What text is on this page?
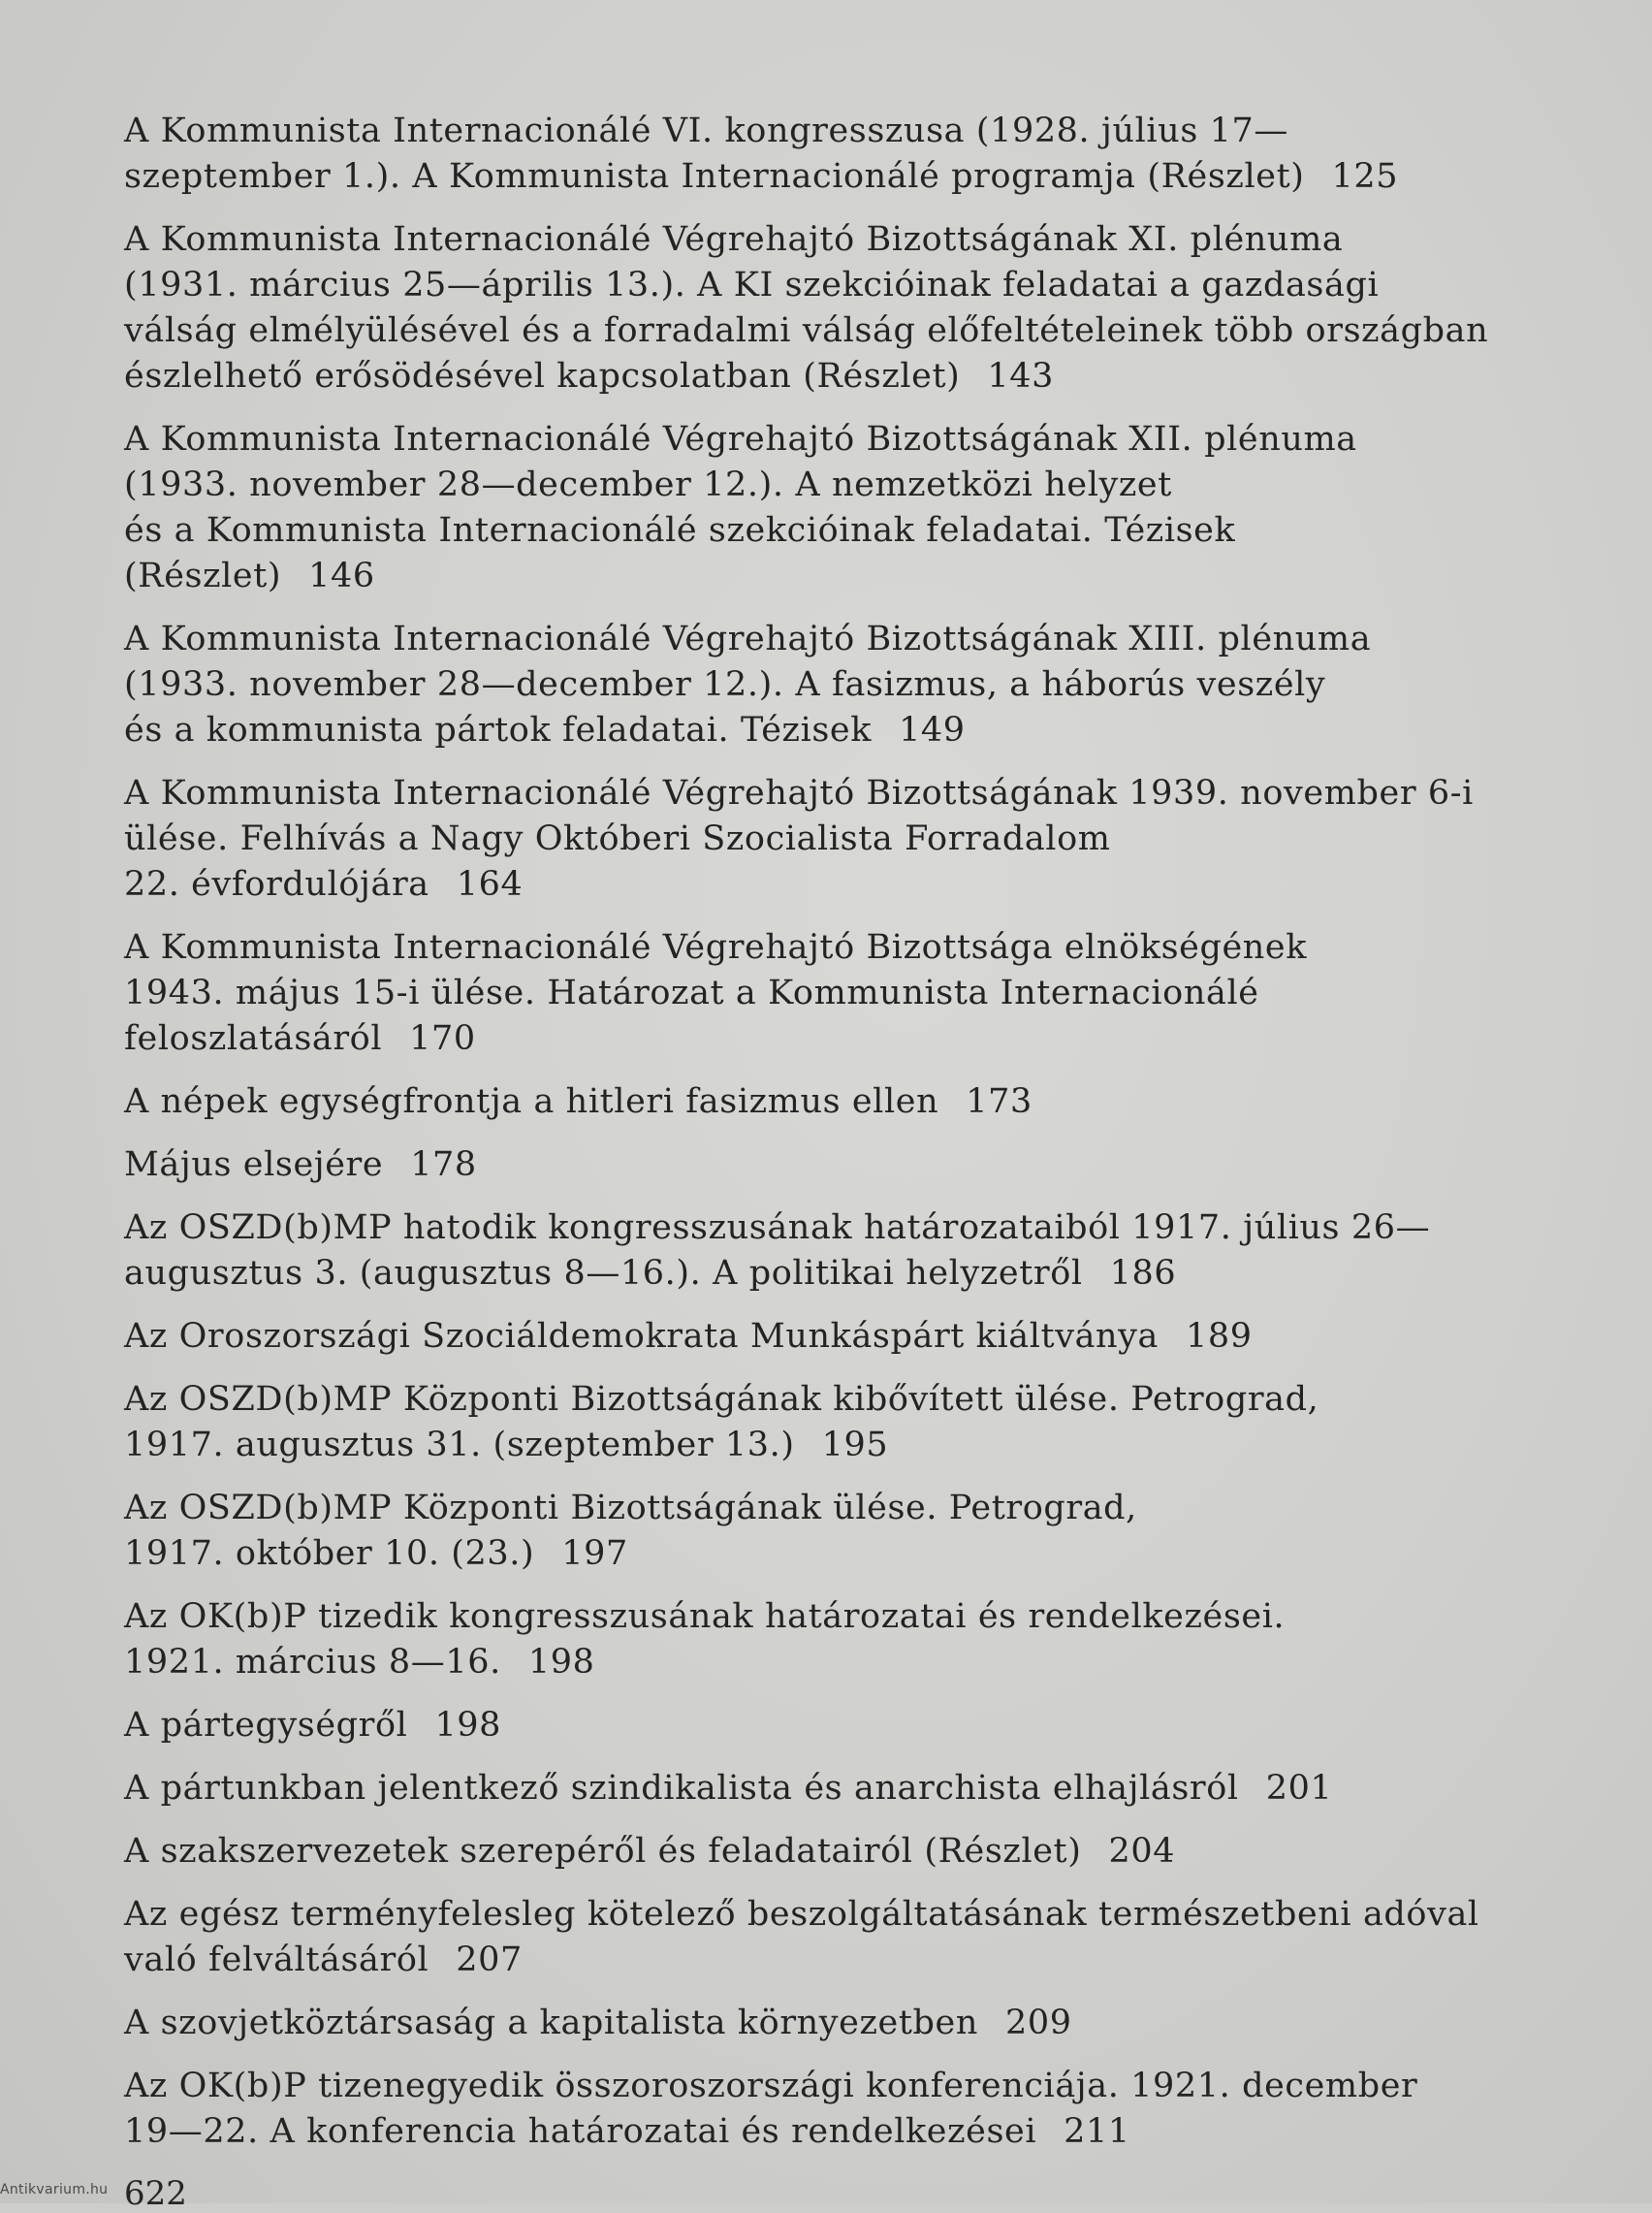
A Kommunista Internacionálé VI. kongresszusa (1928. július 17—
szeptember 1.). A Kommunista Internacionálé programja (Részlet) 125
A Kommunista Internacionálé Végrehajtó Bizottságának XI. plénuma
(1931. március 25—április 13.). A KI szekcióinak feladatai a gazdasági
válság elmélyülésével és a forradalmi válság előfeltételeinek több országban
észlelhető erősödésével kapcsolatban (Részlet) 143
A Kommunista Internacionálé Végrehajtó Bizottságának XII. plénuma
(1933. november 28—december 12.). A nemzetközi helyzet
és a Kommunista Internacionálé szekcióinak feladatai. Tézisek
(Részlet) 146
A Kommunista Internacionálé Végrehajtó Bizottságának XIII. plénuma
(1933. november 28—december 12.). A fasizmus, a háborús veszély
és a kommunista pártok feladatai. Tézisek 149
A Kommunista Internacionálé Végrehajtó Bizottságának 1939. november 6-i
ülése. Felhívás a Nagy Októberi Szocialista Forradalom
22. évfordulójára 164
A Kommunista Internacionálé Végrehajtó Bizottsága elnökségének
1943. május 15-i ülése. Határozat a Kommunista Internacionálé
feloszlatásáról 170
A népek egységfrontja a hitleri fasizmus ellen 173
Május elsejére 178
Az OSZD(b)MP hatodik kongresszusának határozataiból 1917. július 26—
augusztus 3. (augusztus 8—16.). A politikai helyzetről 186
Az Oroszországi Szociáldemokrata Munkáspárt kiáltványa 189
Az OSZD(b)MP Központi Bizottságának kibővített ülése. Petrograd,
1917. augusztus 31. (szeptember 13.) 195
Az OSZD(b)MP Központi Bizottságának ülése. Petrograd,
1917. október 10. (23.) 197
Az OK(b)P tizedik kongresszusának határozatai és rendelkezései.
1921. március 8—16. 198
A pártegységről 198
A pártunkban jelentkező szindikalista és anarchista elhajlásról 201
A szakszervezetek szerepéről és feladatairól (Részlet) 204
Az egész terményfelesleg kötelező beszolgáltatásának természetbeni adóval
való felváltásáról 207
A szovjetköztársaság a kapitalista környezetben 209
Az OK(b)P tizenegyedik összoroszországi konferenciája. 1921. december
19—22. A konferencia határozatai és rendelkezései 211
622
Antikvarium.hu
